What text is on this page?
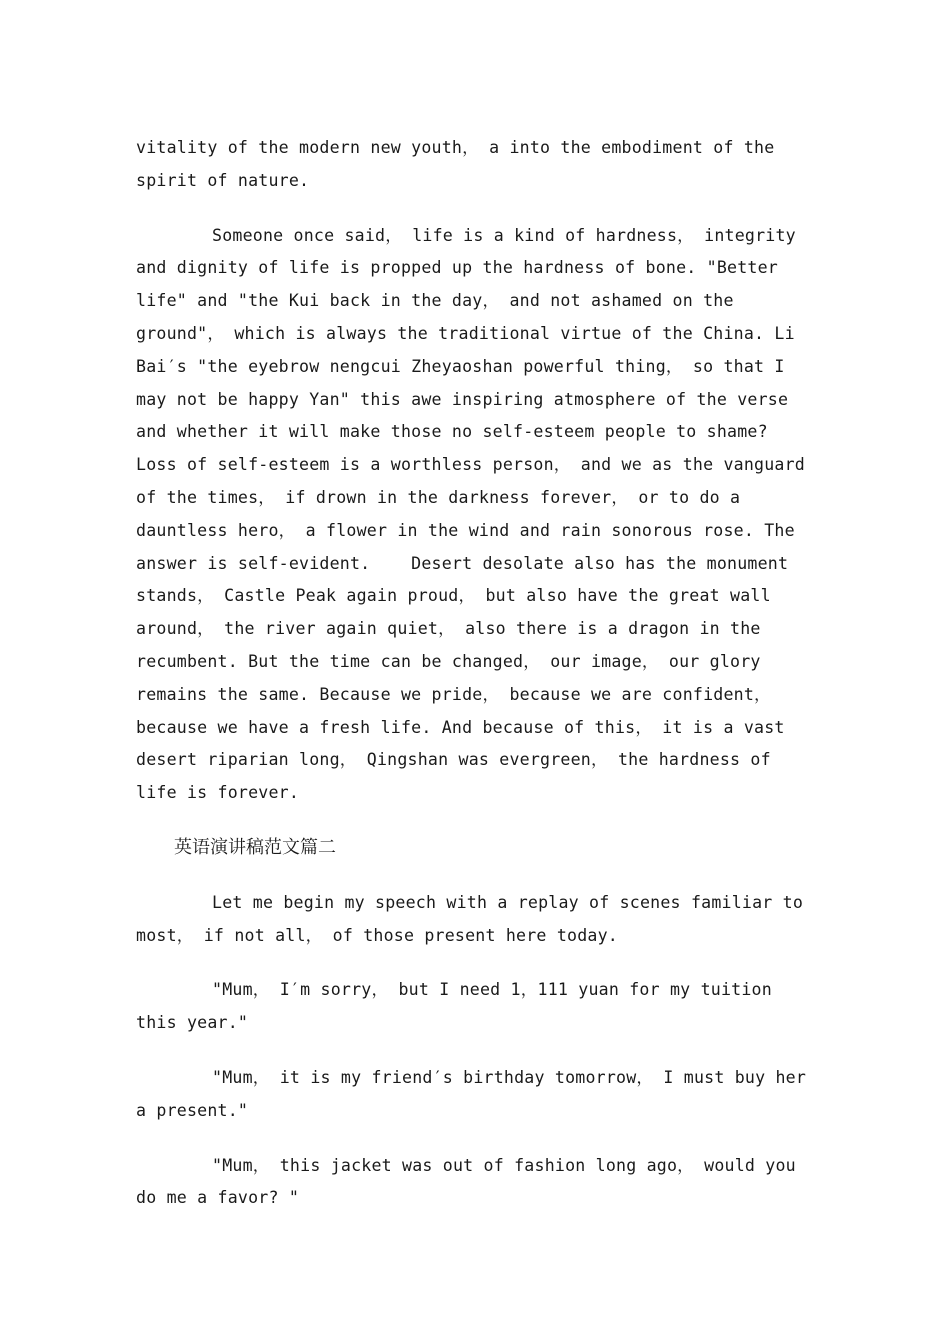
vitality of the modern new youth， a into the embodiment of the spirit of nature.

Someone once said， life is a kind of hardness， integrity and dignity of life is propped up the hardness of bone. "Better life" and "the Kui back in the day， and not ashamed on the ground"， which is always the traditional virtue of the China. Li Bai′s "the eyebrow nengcui Zheyaoshan powerful thing， so that I may not be happy Yan" this awe inspiring atmosphere of the verse and whether it will make those no self-esteem people to shame? Loss of self-esteem is a worthless person， and we as the vanguard of the times， if drown in the darkness forever， or to do a dauntless hero， a flower in the wind and rain sonorous rose. The answer is self-evident.    Desert desolate also has the monument stands， Castle Peak again proud， but also have the great wall around， the river again quiet， also there is a dragon in the recumbent. But the time can be changed， our image， our glory remains the same. Because we pride， because we are confident， because we have a fresh life. And because of this， it is a vast desert riparian long， Qingshan was evergreen， the hardness of life is forever.

英语演讲稿范文篇二

Let me begin my speech with a replay of scenes familiar to most， if not all， of those present here today.

"Mum， I′m sorry， but I need 1，111 yuan for my tuition this year."

"Mum， it is my friend′s birthday tomorrow， I must buy her a present."

"Mum， this jacket was out of fashion long ago， would you do me a favor? "
